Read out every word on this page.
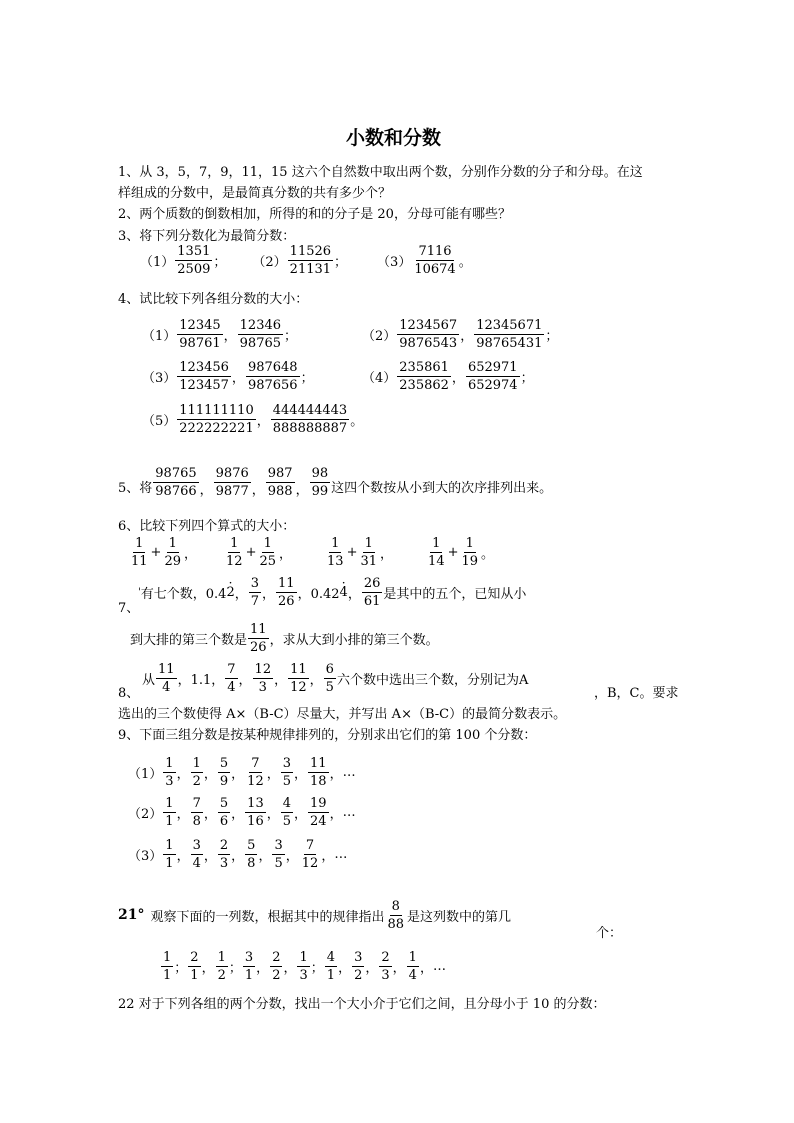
小数和分数
1、从 3，5，7，9，11，15 这六个自然数中取出两个数，分别作分数的分子和分母。在这
样组成的分数中，是最简真分数的共有多少个？
2、两个质数的倒数相加，所得的和的分子是 20，分母可能有哪些？
3、将下列分数化为最简分数：
$(1) \frac{1351}{2509}$ ； $(2) \frac{11526}{21131}$ ； $(3) \frac{7116}{10674}$ 。
4、试比较下列各组分数的大小：
$(1) \frac{12345}{98761}$ ， $\frac{12346}{98765}$ ；	$(2) \frac{1234567}{9876543}$ ， $\frac{12345671}{98765431}$ ；
$(3) \frac{123456}{123457}$ ， $\frac{987648}{987656}$ ；	$(4) \frac{235861}{235862}$ ， $\frac{652971}{652974}$ ；
$(5) \frac{111111110}{222222221}$ ， $\frac{444444443}{888888887}$ 。
5、将 $\frac{98765}{98766}$ ， $\frac{9876}{9877}$ ， $\frac{987}{988}$ ， $\frac{98}{99}$ 这四个数按从小到大的次序排列出来。
6、比较下列四个算式的大小：
$\frac{1}{11} + \frac{1}{29}$ ， $\frac{1}{12} + \frac{1}{25}$ ，	$\frac{1}{13} + \frac{1}{31}$ ，	$\frac{1}{14} + \frac{1}{19}$ 。
7、
' 有七个数，0.4 · 2 ， $\frac{3}{7}$ ， $\frac{11}{26}$ ，0.42 · 4 ， $\frac{26}{61}$ 是其中的五个，已知从小
到大排的第三个数是 $\frac{11}{26}$ ，求从大到小排的第三个数。
8、
从 $\frac{11}{4}$ ，1.1， $\frac{7}{4}$ ， $\frac{12}{3}$ ， $\frac{11}{12}$ ， $\frac{6}{5}$ 六个数中选出三个数，分别记为A
，B，C。要求
选出的三个数使得 A×（B-C）尽量大，并写出 A×（B-C）的最简分数表示。
9、下面三组分数是按某种规律排列的，分别求出它们的第 100 个分数：
$(1) \frac{1}{3}$ ， $\frac{1}{2}$ ， $\frac{5}{9}$ ， $\frac{7}{12}$ ， $\frac{3}{5}$ ， $\frac{11}{18}$ ， …
$(2) \frac{1}{1}$ ， $\frac{7}{8}$ ， $\frac{5}{6}$ ， $\frac{13}{16}$ ， $\frac{4}{5}$ ， $\frac{19}{24}$ ， …
$(3) \frac{1}{1}$ ， $\frac{3}{4}$ ， $\frac{2}{3}$ ， $\frac{5}{8}$ ， $\frac{3}{5}$ ， $\frac{7}{12}$ ， …
21° 观察下面的一列数，根据其中的规律指出 $\frac{8}{88}$ 是这列数中的第几
个：
$\frac{1}{1}$ ； $\frac{2}{1}$ ， $\frac{1}{2}$ ； $\frac{3}{1}$ ， $\frac{2}{2}$ ， $\frac{1}{3}$ ； $\frac{4}{1}$ ， $\frac{3}{2}$ ， $\frac{2}{3}$ ， $\frac{1}{4}$ ， …
22 对于下列各组的两个分数，找出一个大小介于它们之间，且分母小于 10 的分数：
